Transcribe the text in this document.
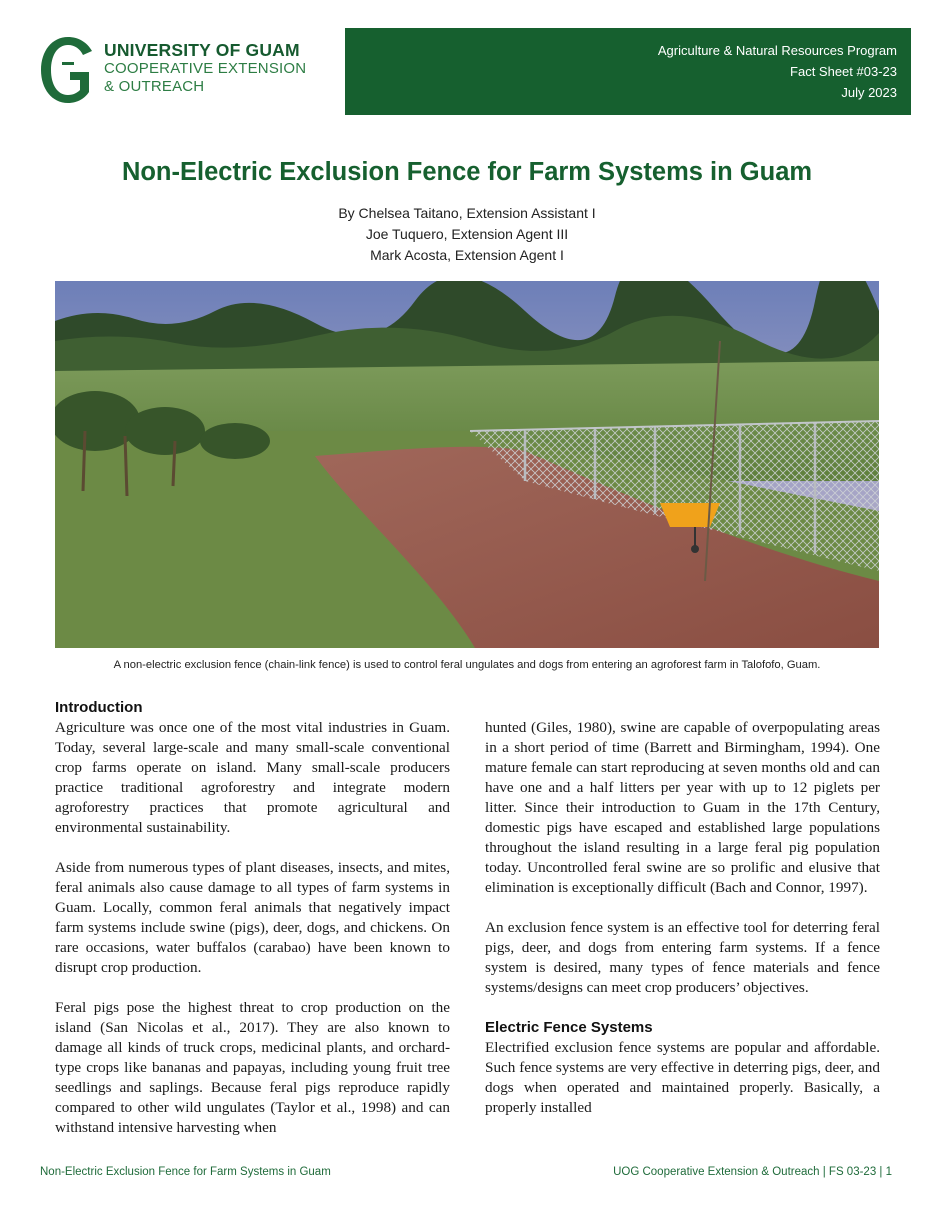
UNIVERSITY OF GUAM
COOPERATIVE EXTENSION
& OUTREACH
Agriculture & Natural Resources Program
Fact Sheet #03-23
July 2023
Non-Electric Exclusion Fence for Farm Systems in Guam
By Chelsea Taitano, Extension Assistant I
Joe Tuquero, Extension Agent III
Mark Acosta, Extension Agent I
A non-electric exclusion fence (chain-link fence) is used to control feral ungulates and dogs from entering an agroforest farm in Talofofo, Guam.
Introduction

Agriculture was once one of the most vital industries in Guam. Today, several large-scale and many small-scale conventional crop farms operate on island. Many small-scale producers practice traditional agroforestry and integrate modern agroforestry practices that promote agricultural and environmental sustainability.

Aside from numerous types of plant diseases, insects, and mites, feral animals also cause damage to all types of farm systems in Guam. Locally, common feral animals that negatively impact farm systems include swine (pigs), deer, dogs, and chickens. On rare occasions, water buffalos (carabao) have been known to disrupt crop production.

Feral pigs pose the highest threat to crop production on the island (San Nicolas et al., 2017). They are also known to damage all kinds of truck crops, medicinal plants, and orchard-type crops like bananas and papayas, including young fruit tree seedlings and saplings. Because feral pigs reproduce rapidly compared to other wild ungulates (Taylor et al., 1998) and can withstand intensive harvesting when

hunted (Giles, 1980), swine are capable of overpopulating areas in a short period of time (Barrett and Birmingham, 1994). One mature female can start reproducing at seven months old and can have one and a half litters per year with up to 12 piglets per litter. Since their introduction to Guam in the 17th Century, domestic pigs have escaped and established large populations throughout the island resulting in a large feral pig population today. Uncontrolled feral swine are so prolific and elusive that elimination is exceptionally difficult (Bach and Connor, 1997).

An exclusion fence system is an effective tool for deterring feral pigs, deer, and dogs from entering farm systems. If a fence system is desired, many types of fence materials and fence systems/designs can meet crop producers’ objectives.

Electric Fence Systems

Electrified exclusion fence systems are popular and affordable. Such fence systems are very effective in deterring pigs, deer, and dogs when operated and maintained properly. Basically, a properly installed

Non-Electric Exclusion Fence for Farm Systems in Guam	UOG Cooperative Extension & Outreach | FS 03-23 | 1
